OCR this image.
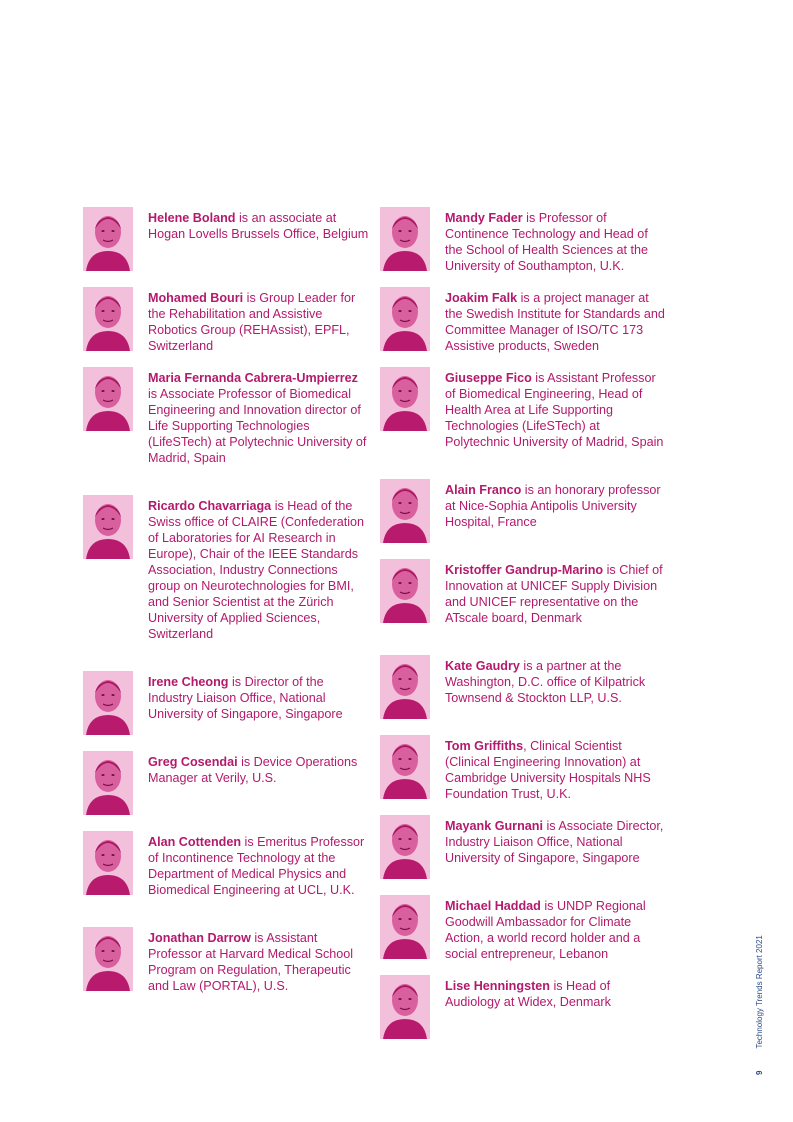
Helene Boland is an associate at Hogan Lovells Brussels Office, Belgium

Mohamed Bouri is Group Leader for the Rehabilitation and Assistive Robotics Group (REHAssist), EPFL, Switzerland

Maria Fernanda Cabrera-Umpierrez is Associate Professor of Biomedical Engineering and Innovation director of Life Supporting Technologies (LifeSTech) at Polytechnic University of Madrid, Spain

Ricardo Chavarriaga is Head of the Swiss office of CLAIRE (Confederation of Laboratories for AI Research in Europe), Chair of the IEEE Standards Association, Industry Connections group on Neurotechnologies for BMI, and Senior Scientist at the Zürich University of Applied Sciences, Switzerland

Irene Cheong is Director of the Industry Liaison Office, National University of Singapore, Singapore

Greg Cosendai is Device Operations Manager at Verily, U.S.

Alan Cottenden is Emeritus Professor of Incontinence Technology at the Department of Medical Physics and Biomedical Engineering at UCL, U.K.

Jonathan Darrow is Assistant Professor at Harvard Medical School Program on Regulation, Therapeutic and Law (PORTAL), U.S.

Mandy Fader is Professor of Continence Technology and Head of the School of Health Sciences at the University of Southampton, U.K.

Joakim Falk is a project manager at the Swedish Institute for Standards and Committee Manager of ISO/TC 173 Assistive products, Sweden

Giuseppe Fico is Assistant Professor of Biomedical Engineering, Head of Health Area at Life Supporting Technologies (LifeSTech) at Polytechnic University of Madrid, Spain

Alain Franco is an honorary professor at Nice-Sophia Antipolis University Hospital, France

Kristoffer Gandrup-Marino is Chief of Innovation at UNICEF Supply Division and UNICEF representative on the ATscale board, Denmark

Kate Gaudry is a partner at the Washington, D.C. office of Kilpatrick Townsend & Stockton LLP, U.S.

Tom Griffiths, Clinical Scientist (Clinical Engineering Innovation) at Cambridge University Hospitals NHS Foundation Trust, U.K.

Mayank Gurnani is Associate Director, Industry Liaison Office, National University of Singapore, Singapore

Michael Haddad is UNDP Regional Goodwill Ambassador for Climate Action, a world record holder and a social entrepreneur, Lebanon

Lise Henningsten is Head of Audiology at Widex, Denmark

9Technology Trends Report 2021
